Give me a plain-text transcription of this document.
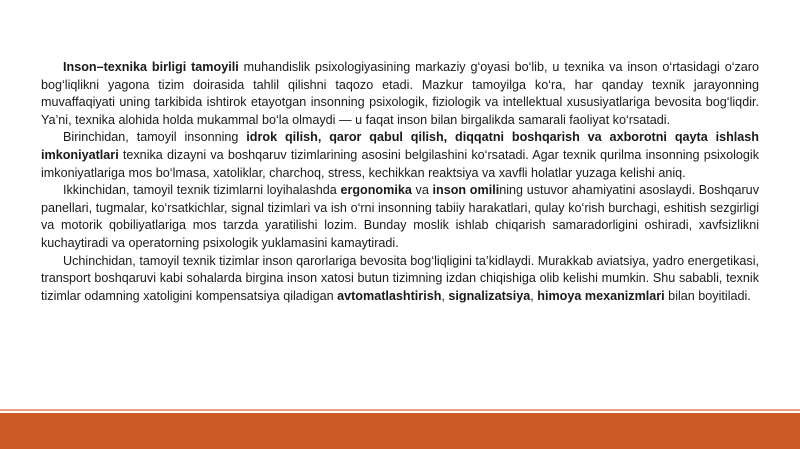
Inson–texnika birligi tamoyili muhandislik psixologiyasining markaziy g‘oyasi bo‘lib, u texnika va inson o‘rtasidagi o‘zaro bog‘liqlikni yagona tizim doirasida tahlil qilishni taqozo etadi. Mazkur tamoyilga ko‘ra, har qanday texnik jarayonning muvaffaqiyati uning tarkibida ishtirok etayotgan insonning psixologik, fiziologik va intellektual xususiyatlariga bevosita bog‘liqdir. Ya’ni, texnika alohida holda mukammal bo‘la olmaydi — u faqat inson bilan birgalikda samarali faoliyat ko‘rsatadi.

Birinchidan, tamoyil insonning idrok qilish, qaror qabul qilish, diqqatni boshqarish va axborotni qayta ishlash imkoniyatlari texnika dizayni va boshqaruv tizimlarining asosini belgilashini ko‘rsatadi. Agar texnik qurilma insonning psixologik imkoniyatlariga mos bo‘lmasa, xatoliklar, charchoq, stress, kechikkan reaktsiya va xavfli holatlar yuzaga kelishi aniq.

Ikkinchidan, tamoyil texnik tizimlarni loyihalashda ergonomika va inson omilining ustuvor ahamiyatini asoslaydi. Boshqaruv panellari, tugmalar, ko‘rsatkichlar, signal tizimlari va ish o‘rni insonning tabiiy harakatlari, qulay ko‘rish burchagi, eshitish sezgirligi va motorik qobiliyatlariga mos tarzda yaratilishi lozim. Bunday moslik ishlab chiqarish samaradorligini oshiradi, xavfsizlikni kuchaytiradi va operatorning psixologik yuklamasini kamaytiradi.

Uchinchidan, tamoyil texnik tizimlar inson qarorlariga bevosita bog‘liqligini ta’kidlaydi. Murakkab aviatsiya, yadro energetikasi, transport boshqaruvi kabi sohalarda birgina inson xatosi butun tizimning izdan chiqishiga olib kelishi mumkin. Shu sababli, texnik tizimlar odamning xatoligini kompensatsiya qiladigan avtomatlashtirish, signalizatsiya, himoya mexanizmlari bilan boyitiladi.
